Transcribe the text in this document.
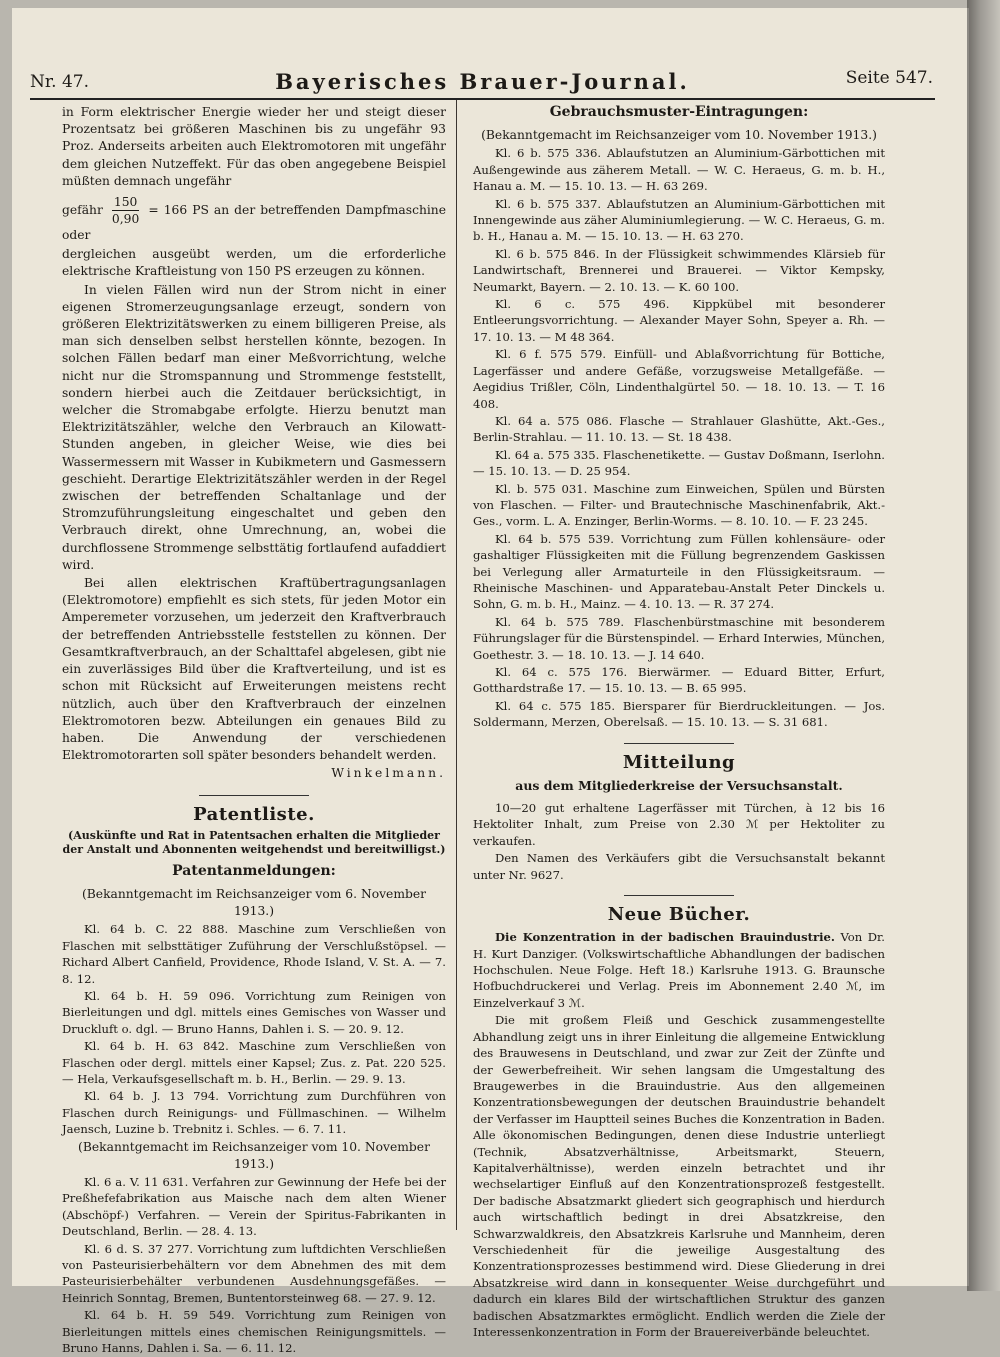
Nr. 47.	Bayerisches Brauer-Journal.	Seite 547.

in Form elektrischer Energie wieder her und steigt dieser Prozentsatz bei größeren Maschinen bis zu ungefähr 93 Proz. Anderseits arbeiten auch Elektromotoren mit ungefähr dem gleichen Nutzeffekt. Für das oben angegebene Beispiel müßten demnach ungefähr

gefähr $\frac{150}{0,90} = 166$ PS an der betreffenden Dampfmaschine oder

dergleichen ausgeübt werden, um die erforderliche elektrische Kraftleistung von 150 PS erzeugen zu können.

In vielen Fällen wird nun der Strom nicht in einer eigenen Stromerzeugungsanlage erzeugt, sondern von größeren Elektrizitätswerken zu einem billigeren Preise, als man sich denselben selbst herstellen könnte, bezogen. In solchen Fällen bedarf man einer Meßvorrichtung, welche nicht nur die Stromspannung und Strommenge feststellt, sondern hierbei auch die Zeitdauer berücksichtigt, in welcher die Stromabgabe erfolgte. Hierzu benutzt man Elektrizitätszähler, welche den Verbrauch an Kilowatt-Stunden angeben, in gleicher Weise, wie dies bei Wassermessern mit Wasser in Kubikmetern und Gasmessern geschieht. Derartige Elektrizitätszähler werden in der Regel zwischen der betreffenden Schaltanlage und der Stromzuführungsleitung eingeschaltet und geben den Verbrauch direkt, ohne Umrechnung, an, wobei die durchflossene Strommenge selbsttätig fortlaufend aufaddiert wird.

Bei allen elektrischen Kraftübertragungsanlagen (Elektromotore) empfiehlt es sich stets, für jeden Motor ein Amperemeter vorzusehen, um jederzeit den Kraftverbrauch der betreffenden Antriebsstelle feststellen zu können. Der Gesamtkraftverbrauch, an der Schalttafel abgelesen, gibt nie ein zuverlässiges Bild über die Kraftverteilung, und ist es schon mit Rücksicht auf Erweiterungen meistens recht nützlich, auch über den Kraftverbrauch der einzelnen Elektromotoren bezw. Abteilungen ein genaues Bild zu haben. Die Anwendung der verschiedenen Elektromotorarten soll später besonders behandelt werden.

Winkelmann.

Patentliste.
(Auskünfte und Rat in Patentsachen erhalten die Mitglieder der Anstalt und Abonnenten weitgehendst und bereitwilligst.)
Patentanmeldungen:

(Bekanntgemacht im Reichsanzeiger vom 6. November 1913.)

Kl. 64 b. C. 22 888. Maschine zum Verschließen von Flaschen mit selbsttätiger Zuführung der Verschlußstöpsel. — Richard Albert Canfield, Providence, Rhode Island, V. St. A. — 7. 8. 12.

Kl. 64 b. H. 59 096. Vorrichtung zum Reinigen von Bierleitungen und dgl. mittels eines Gemisches von Wasser und Druckluft o. dgl. — Bruno Hanns, Dahlen i. S. — 20. 9. 12.

Kl. 64 b. H. 63 842. Maschine zum Verschließen von Flaschen oder dergl. mittels einer Kapsel; Zus. z. Pat. 220 525. — Hela, Verkaufsgesellschaft m. b. H., Berlin. — 29. 9. 13.

Kl. 64 b. J. 13 794. Vorrichtung zum Durchführen von Flaschen durch Reinigungs- und Füllmaschinen. — Wilhelm Jaensch, Luzine b. Trebnitz i. Schles. — 6. 7. 11.

(Bekanntgemacht im Reichsanzeiger vom 10. November 1913.)

Kl. 6 a. V. 11 631. Verfahren zur Gewinnung der Hefe bei der Preßhefefabrikation aus Maische nach dem alten Wiener (Abschöpf-) Verfahren. — Verein der Spiritus-Fabrikanten in Deutschland, Berlin. — 28. 4. 13.

Kl. 6 d. S. 37 277. Vorrichtung zum luftdichten Verschließen von Pasteurisierbehältern vor dem Abnehmen des mit dem Pasteurisierbehälter verbundenen Ausdehnungsgefäßes. — Heinrich Sonntag, Bremen, Buntentorsteinweg 68. — 27. 9. 12.

Kl. 64 b. H. 59 549. Vorrichtung zum Reinigen von Bierleitungen mittels eines chemischen Reinigungsmittels. — Bruno Hanns, Dahlen i. Sa. — 6. 11. 12.

Gebrauchsmuster-Eintragungen:

(Bekanntgemacht im Reichsanzeiger vom 10. November 1913.)

Kl. 6 b. 575 336. Ablaufstutzen an Aluminium-Gärbottichen mit Außengewinde aus zäherem Metall. — W. C. Heraeus, G. m. b. H., Hanau a. M. — 15. 10. 13. — H. 63 269.

Kl. 6 b. 575 337. Ablaufstutzen an Aluminium-Gärbottichen mit Innengewinde aus zäher Aluminiumlegierung. — W. C. Heraeus, G. m. b. H., Hanau a. M. — 15. 10. 13. — H. 63 270.

Kl. 6 b. 575 846. In der Flüssigkeit schwimmendes Klärsieb für Landwirtschaft, Brennerei und Brauerei. — Viktor Kempsky, Neumarkt, Bayern. — 2. 10. 13. — K. 60 100.

Kl. 6 c. 575 496. Kippkübel mit besonderer Entleerungsvorrichtung. — Alexander Mayer Sohn, Speyer a. Rh. — 17. 10. 13. — M 48 364.

Kl. 6 f. 575 579. Einfüll- und Ablaßvorrichtung für Bottiche, Lagerfässer und andere Gefäße, vorzugsweise Metallgefäße. — Aegidius Trißler, Cöln, Lindenthalgürtel 50. — 18. 10. 13. — T. 16 408.

Kl. 64 a. 575 086. Flasche — Strahlauer Glashütte, Akt.-Ges., Berlin-Strahlau. — 11. 10. 13. — St. 18 438.

Kl. 64 a. 575 335. Flaschenetikette. — Gustav Doßmann, Iserlohn. — 15. 10. 13. — D. 25 954.

Kl. b. 575 031. Maschine zum Einweichen, Spülen und Bürsten von Flaschen. — Filter- und Brautechnische Maschinenfabrik, Akt.-Ges., vorm. L. A. Enzinger, Berlin-Worms. — 8. 10. 10. — F. 23 245.

Kl. 64 b. 575 539. Vorrichtung zum Füllen kohlensäure- oder gashaltiger Flüssigkeiten mit die Füllung begrenzendem Gaskissen bei Verlegung aller Armaturteile in den Flüssigkeitsraum. — Rheinische Maschinen- und Apparatebau-Anstalt Peter Dinckels u. Sohn, G. m. b. H., Mainz. — 4. 10. 13. — R. 37 274.

Kl. 64 b. 575 789. Flaschenbürstmaschine mit besonderem Führungslager für die Bürstenspindel. — Erhard Interwies, München, Goethestr. 3. — 18. 10. 13. — J. 14 640.

Kl. 64 c. 575 176. Bierwärmer. — Eduard Bitter, Erfurt, Gotthardstraße 17. — 15. 10. 13. — B. 65 995.

Kl. 64 c. 575 185. Biersparer für Bierdruckleitungen. — Jos. Soldermann, Merzen, Oberelsaß. — 15. 10. 13. — S. 31 681.

Mitteilung
aus dem Mitgliederkreise der Versuchsanstalt.

10—20 gut erhaltene Lagerfässer mit Türchen, à 12 bis 16 Hektoliter Inhalt, zum Preise von 2.30 ℳ per Hektoliter zu verkaufen.

Den Namen des Verkäufers gibt die Versuchsanstalt bekannt unter Nr. 9627.

Neue Bücher.

Die Konzentration in der badischen Brauindustrie. Von Dr. H. Kurt Danziger. (Volkswirtschaftliche Abhandlungen der badischen Hochschulen. Neue Folge. Heft 18.) Karlsruhe 1913. G. Braunsche Hofbuchdruckerei und Verlag. Preis im Abonnement 2.40 ℳ, im Einzelverkauf 3 ℳ.

Die mit großem Fleiß und Geschick zusammengestellte Abhandlung zeigt uns in ihrer Einleitung die allgemeine Entwicklung des Brauwesens in Deutschland, und zwar zur Zeit der Zünfte und der Gewerbefreiheit. Wir sehen langsam die Umgestaltung des Braugewerbes in die Brauindustrie. Aus den allgemeinen Konzentrationsbewegungen der deutschen Brauindustrie behandelt der Verfasser im Hauptteil seines Buches die Konzentration in Baden. Alle ökonomischen Bedingungen, denen diese Industrie unterliegt (Technik, Absatzverhältnisse, Arbeitsmarkt, Steuern, Kapitalverhältnisse), werden einzeln betrachtet und ihr wechselartiger Einfluß auf den Konzentrationsprozeß festgestellt. Der badische Absatzmarkt gliedert sich geographisch und hierdurch auch wirtschaftlich bedingt in drei Absatzkreise, den Schwarzwaldkreis, den Absatzkreis Karlsruhe und Mannheim, deren Verschiedenheit für die jeweilige Ausgestaltung des Konzentrationsprozesses bestimmend wird. Diese Gliederung in drei Absatzkreise wird dann in konsequenter Weise durchgeführt und dadurch ein klares Bild der wirtschaftlichen Struktur des ganzen badischen Absatzmarktes ermöglicht. Endlich werden die Ziele der Interessenkonzentration in Form der Brauereiverbände beleuchtet.
